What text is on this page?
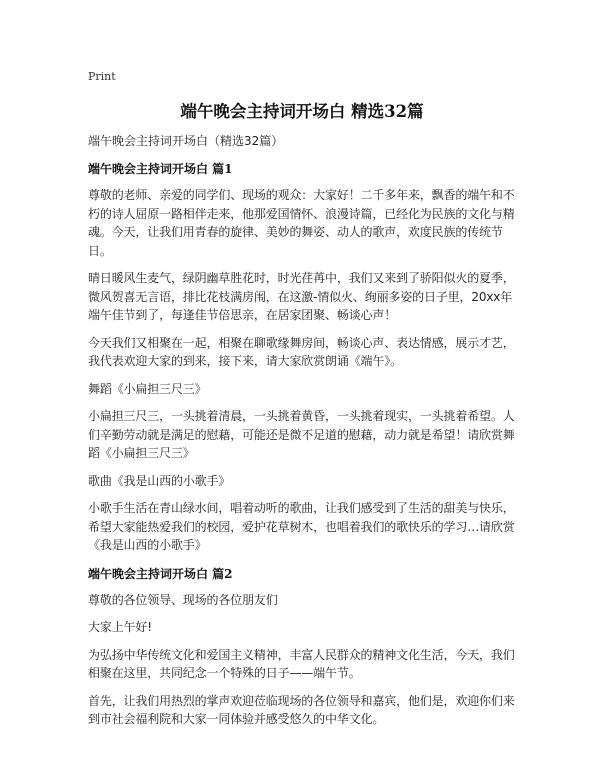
Print
端午晚会主持词开场白 精选32篇

端午晚会主持词开场白（精选32篇）

端午晚会主持词开场白 篇1

尊敬的老师、亲爱的同学们、现场的观众：大家好！二千多年来，飘香的端午和不朽的诗人屈原一路相伴走来，他那爱国情怀、浪漫诗篇，已经化为民族的文化与精魂。今天，让我们用青春的旋律、美妙的舞姿、动人的歌声，欢度民族的传统节日。

晴日暖风生麦气，绿阴幽草胜花时，时光荏苒中，我们又来到了骄阳似火的夏季，微风贺喜无言语，排比花枝满房闱，在这激-情似火、绚丽多姿的日子里，20xx年端午佳节到了，每逢佳节倍思亲，在居家团聚、畅谈心声！

今天我们又相聚在一起，相聚在聊歌缘舞房间，畅谈心声、表达情感，展示才艺，我代表欢迎大家的到来，接下来，请大家欣赏朗诵《端午》。

舞蹈《小扁担三尺三》

小扁担三尺三，一头挑着清晨，一头挑着黄昏，一头挑着现实，一头挑着希望。人们辛勤劳动就是满足的慰藉，可能还是微不足道的慰藉，动力就是希望！请欣赏舞蹈《小扁担三尺三》

歌曲《我是山西的小歌手》

小歌手生活在青山绿水间，唱着动听的歌曲，让我们感受到了生活的甜美与快乐，希望大家能热爱我们的校园，爱护花草树木，也唱着我们的歌快乐的学习…请欣赏《我是山西的小歌手》

端午晚会主持词开场白 篇2

尊敬的各位领导、现场的各位朋友们

大家上午好!

为弘扬中华传统文化和爱国主义精神，丰富人民群众的精神文化生活，今天，我们相聚在这里，共同纪念一个特殊的日子——端午节。

首先，让我们用热烈的掌声欢迎莅临现场的各位领导和嘉宾，他们是，欢迎你们来到市社会福利院和大家一同体验并感受悠久的中华文化。
